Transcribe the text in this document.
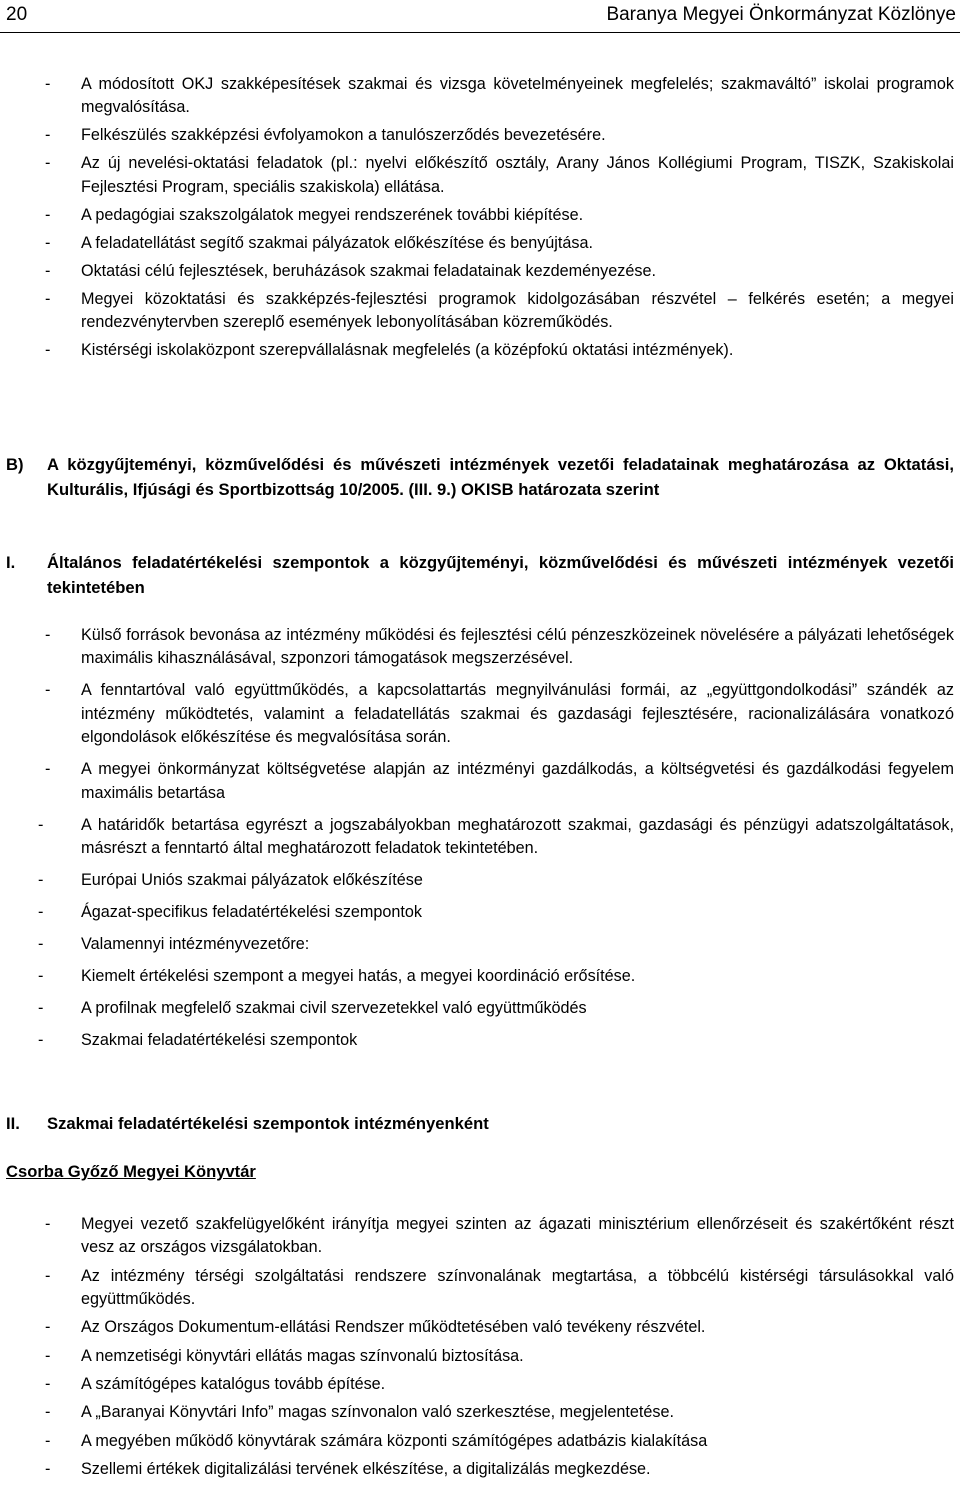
20	Baranya Megyei Önkormányzat Közlönye
- A módosított OKJ szakképesítések szakmai és vizsga követelményeinek megfelelés; szakmaváltó” iskolai programok megvalósítása.
- Felkészülés szakképzési évfolyamokon a tanulószerződés bevezetésére.
- Az új nevelési-oktatási feladatok (pl.: nyelvi előkészítő osztály, Arany János Kollégiumi Program, TISZK, Szakiskolai Fejlesztési Program, speciális szakiskola) ellátása.
- A pedagógiai szakszolgálatok megyei rendszerének további kiépítése.
- A feladatellátást segítő szakmai pályázatok előkészítése és benyújtása.
- Oktatási célú fejlesztések, beruházások szakmai feladatainak kezdeményezése.
- Megyei közoktatási és szakképzés-fejlesztési programok kidolgozásában részvétel – felkérés esetén; a megyei rendezvénytervben szereplő események lebonyolításában közreműködés.
- Kistérségi iskolaközpont szerepvállalásnak megfelelés (a középfokú oktatási intézmények).
B) A közgyűjteményi, közművelődési és művészeti intézmények vezetői feladatainak meghatározása az Oktatási, Kulturális, Ifjúsági és Sportbizottság 10/2005. (III. 9.) OKISB határozata szerint
I. Általános feladatértékelési szempontok a közgyűjteményi, közművelődési és művészeti intézmények vezetői tekintetében
- Külső források bevonása az intézmény működési és fejlesztési célú pénzeszközeinek növelésére a pályázati lehetőségek maximális kihasználásával, szponzori támogatások megszerzésével.
- A fenntartóval való együttműködés, a kapcsolattartás megnyilvánulási formái, az „együttgondolkodási” szándék az intézmény működtetés, valamint a feladatellátás szakmai és gazdasági fejlesztésére, racionalizálására vonatkozó elgondolások előkészítése és megvalósítása során.
- A megyei önkormányzat költségvetése alapján az intézményi gazdálkodás, a költségvetési és gazdálkodási fegyelem maximális betartása
- A határidők betartása egyrészt a jogszabályokban meghatározott szakmai, gazdasági és pénzügyi adatszolgáltatások, másrészt a fenntartó által meghatározott feladatok tekintetében.
- Európai Uniós szakmai pályázatok előkészítése
- Ágazat-specifikus feladatértékelési szempontok
- Valamennyi intézményvezetőre:
- Kiemelt értékelési szempont a megyei hatás, a megyei koordináció erősítése.
- A profilnak megfelelő szakmai civil szervezetekkel való együttműködés
- Szakmai feladatértékelési szempontok
II. Szakmai feladatértékelési szempontok intézményenként
Csorba Győző Megyei Könyvtár
- Megyei vezető szakfelügyelőként irányítja megyei szinten az ágazati minisztérium ellenőrzéseit és szakértőként részt vesz az országos vizsgálatokban.
- Az intézmény térségi szolgáltatási rendszere színvonalának megtartása, a többcélú kistérségi társulásokkal való együttműködés.
- Az Országos Dokumentum-ellátási Rendszer működtetésében való tevékeny részvétel.
- A nemzetiségi könyvtári ellátás magas színvonalú biztosítása.
- A számítógépes katalógus tovább építése.
- A „Baranyai Könyvtári Info” magas színvonalon való szerkesztése, megjelentetése.
- A megyében működő könyvtárak számára központi számítógépes adatbázis kialakítása
- Szellemi értékek digitalizálási tervének elkészítése, a digitalizálás megkezdése.
